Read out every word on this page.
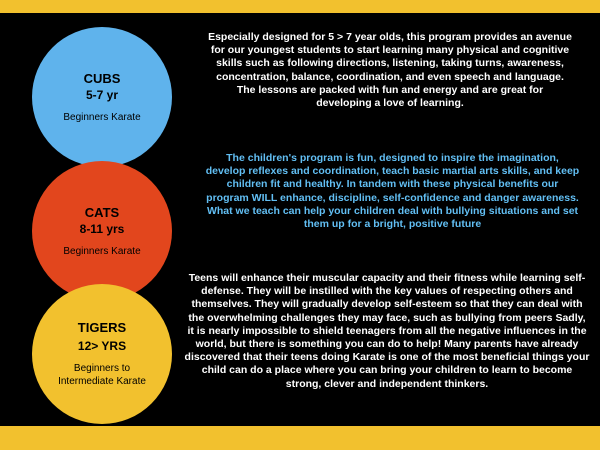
CUBS
5-7 yr
Beginners Karate
Especially designed for 5 > 7 year olds, this program provides an avenue for our youngest students to start learning many physical and cognitive skills such as following directions, listening, taking turns, awareness, concentration, balance, coordination, and even speech and language. The lessons are packed with fun and energy and are great for developing a love of learning.
CATS
8-11 yrs
Beginners Karate
The children's program is fun, designed to inspire the imagination, develop reflexes and coordination, teach basic martial arts skills, and keep children fit and healthy. In tandem with these physical benefits our program WILL enhance, discipline, self-confidence and danger awareness. What we teach can help your children deal with bullying situations and set them up for a bright, positive future
TIGERS
12> YRS
Beginners to Intermediate Karate
Teens will enhance their muscular capacity and their fitness while learning self-defense. They will be instilled with the key values of respecting others and themselves. They will gradually develop self-esteem so that they can deal with the overwhelming challenges they may face, such as bullying from peers Sadly, it is nearly impossible to shield teenagers from all the negative influences in the world, but there is something you can do to help! Many parents have already discovered that their teens doing Karate is one of the most beneficial things your child can do a place where you can bring your children to learn to become strong, clever and independent thinkers.
